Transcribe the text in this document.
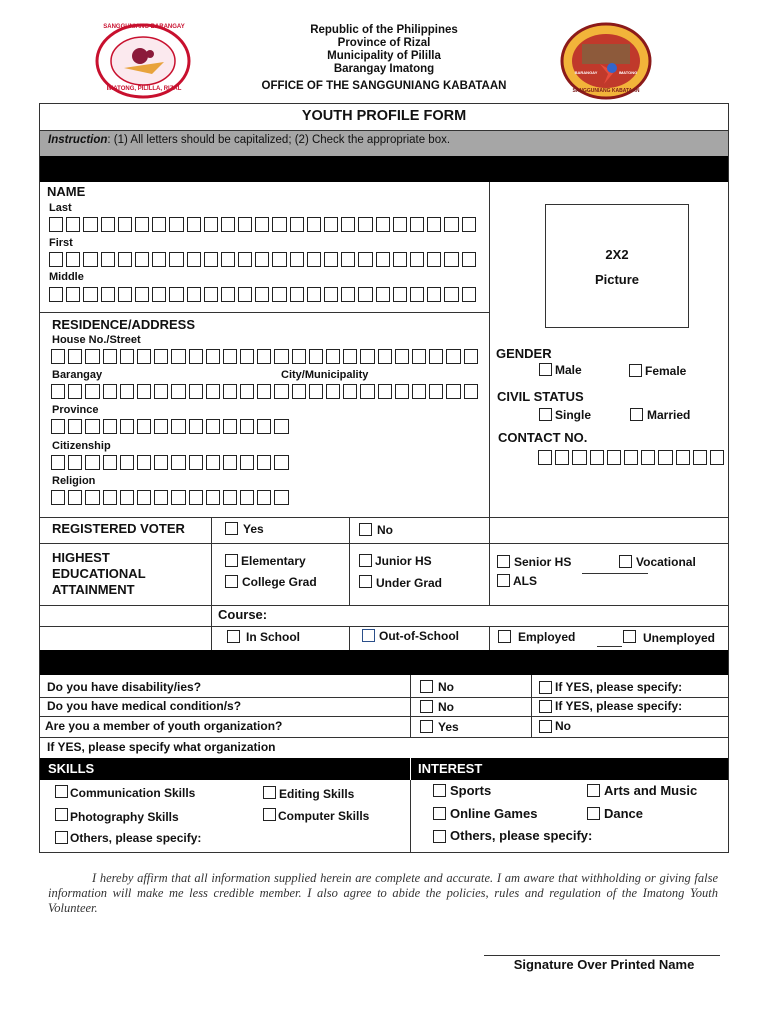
SANGGUNIANG BARANGAY
IMATONG, PILILLA, RIZAL
BARANGAY	IMATONG
SANGGUNIANG KABATAAN
Republic of the Philippines
Province of Rizal
Municipality of Pililla
Barangay Imatong
OFFICE OF THE SANGGUNIANG KABATAAN
YOUTH PROFILE FORM
Instruction: (1) All letters should be capitalized; (2) Check the appropriate box.
NAME
Last
First
Middle
2X2
Picture
RESIDENCE/ADDRESS
House No./Street
Barangay	City/Municipality
Province
Citizenship
Religion
GENDER
Male	Female
CIVIL STATUS
Single	Married
CONTACT NO.
REGISTERED VOTER	Yes	No
HIGHEST
EDUCATIONAL
ATTAINMENT
Elementary
College Grad
Junior HS
Under Grad
Senior HS	Vocational
ALS
Course:
In School	Out-of-School	Employed	Unemployed
Do you have disability/ies?	No	If YES, please specify:
Do you have medical condition/s?	No	If YES, please specify:
Are you a member of youth organization?	Yes	No
If YES, please specify what organization
SKILLS	INTEREST
Communication Skills	Editing Skills
Photography Skills	Computer Skills
Others, please specify:
Sports	Arts and Music
Online Games	Dance
Others, please specify:
I hereby affirm that all information supplied herein are complete and accurate. I am aware that withholding or giving false information will make me less credible member. I also agree to abide the policies, rules and regulation of the Imatong Youth Volunteer.
Signature Over Printed Name
